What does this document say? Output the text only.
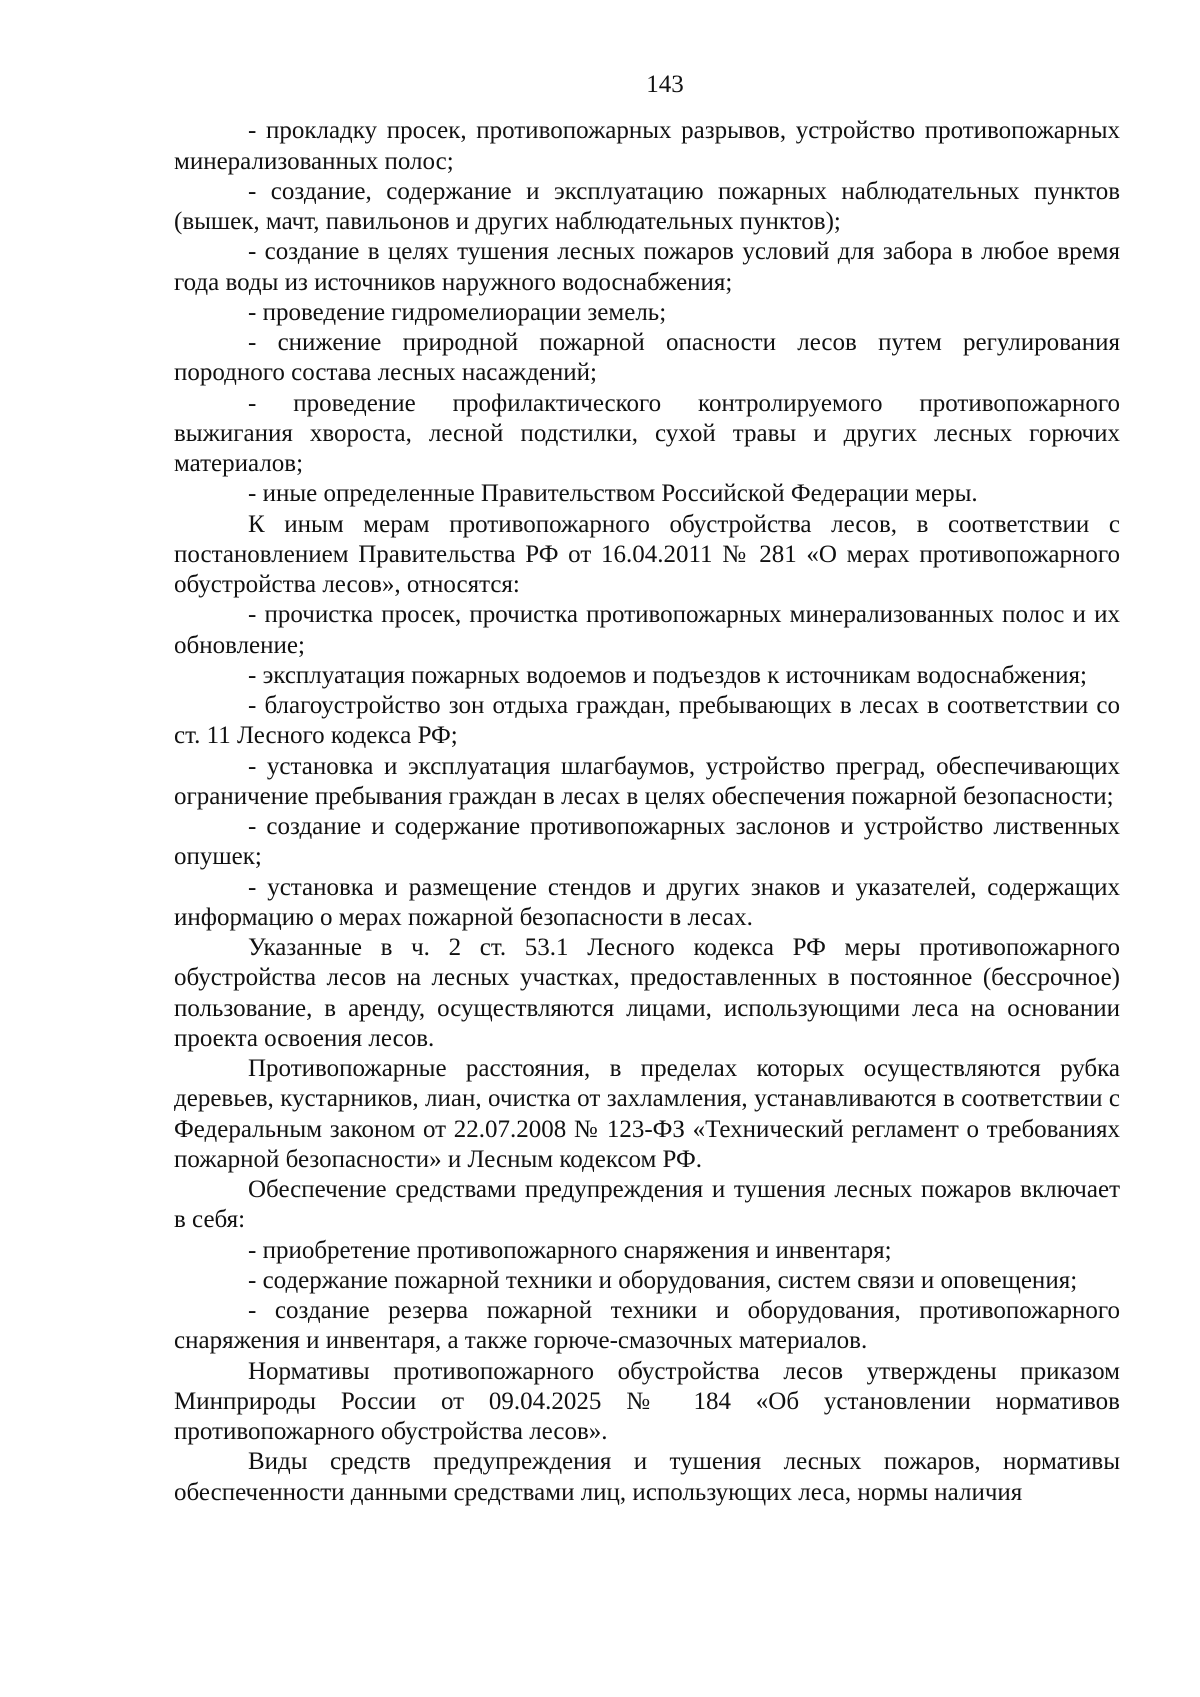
143

- прокладку просек, противопожарных разрывов, устройство противопожарных минерализованных полос;

- создание, содержание и эксплуатацию пожарных наблюдательных пунктов (вышек, мачт, павильонов и других наблюдательных пунктов);

- создание в целях тушения лесных пожаров условий для забора в любое время года воды из источников наружного водоснабжения;

- проведение гидромелиорации земель;

- снижение природной пожарной опасности лесов путем регулирования породного состава лесных насаждений;

- проведение профилактического контролируемого противопожарного выжигания хвороста, лесной подстилки, сухой травы и других лесных горючих материалов;

- иные определенные Правительством Российской Федерации меры.

К иным мерам противопожарного обустройства лесов, в соответствии с постановлением Правительства РФ от 16.04.2011 № 281 «О мерах противопожарного обустройства лесов», относятся:

- прочистка просек, прочистка противопожарных минерализованных полос и их обновление;

- эксплуатация пожарных водоемов и подъездов к источникам водоснабжения;

- благоустройство зон отдыха граждан, пребывающих в лесах в соответствии со ст. 11 Лесного кодекса РФ;

- установка и эксплуатация шлагбаумов, устройство преград, обеспечивающих ограничение пребывания граждан в лесах в целях обеспечения пожарной безопасности;

- создание и содержание противопожарных заслонов и устройство лиственных опушек;

- установка и размещение стендов и других знаков и указателей, содержащих информацию о мерах пожарной безопасности в лесах.

Указанные в ч. 2 ст. 53.1 Лесного кодекса РФ меры противопожарного обустройства лесов на лесных участках, предоставленных в постоянное (бессрочное) пользование, в аренду, осуществляются лицами, использующими леса на основании проекта освоения лесов.

Противопожарные расстояния, в пределах которых осуществляются рубка деревьев, кустарников, лиан, очистка от захламления, устанавливаются в соответствии с Федеральным законом от 22.07.2008 № 123-ФЗ «Технический регламент о требованиях пожарной безопасности» и Лесным кодексом РФ.

Обеспечение средствами предупреждения и тушения лесных пожаров включает в себя:

- приобретение противопожарного снаряжения и инвентаря;

- содержание пожарной техники и оборудования, систем связи и оповещения;

- создание резерва пожарной техники и оборудования, противопожарного снаряжения и инвентаря, а также горюче-смазочных материалов.

Нормативы противопожарного обустройства лесов утверждены приказом Минприроды России от 09.04.2025 № 184 «Об установлении нормативов противопожарного обустройства лесов».

Виды средств предупреждения и тушения лесных пожаров, нормативы обеспеченности данными средствами лиц, использующих леса, нормы наличия
